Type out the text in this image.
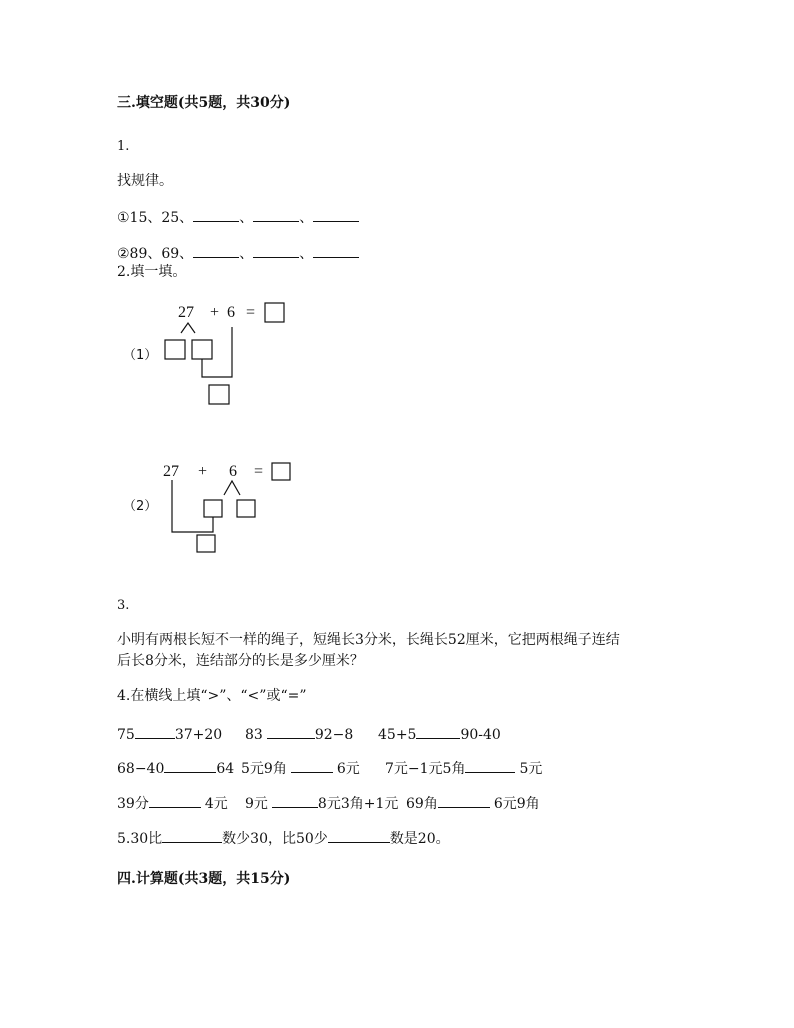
三.填空题(共5题，共30分)
1.
找规律。
①15、25、	、	、
②89、69、	、	、
2.填一填。
（1）
27 + 6 =
（2）
27 + 6 =
3.
小明有两根长短不一样的绳子，短绳长3分米，长绳长52厘米，它把两根绳子连结
后长8分米，连结部分的长是多少厘米？
4.在横线上填“>”、“<”或“=”
75	37+20 83	92−8 45+5	90-40
68−40	64 5元9角	6元 7元−1元5角	5元
39分	4元 9元	8元3角+1元 69角	6元9角
5.30比	数少30，比50少	数是20。
四.计算题(共3题，共15分)
